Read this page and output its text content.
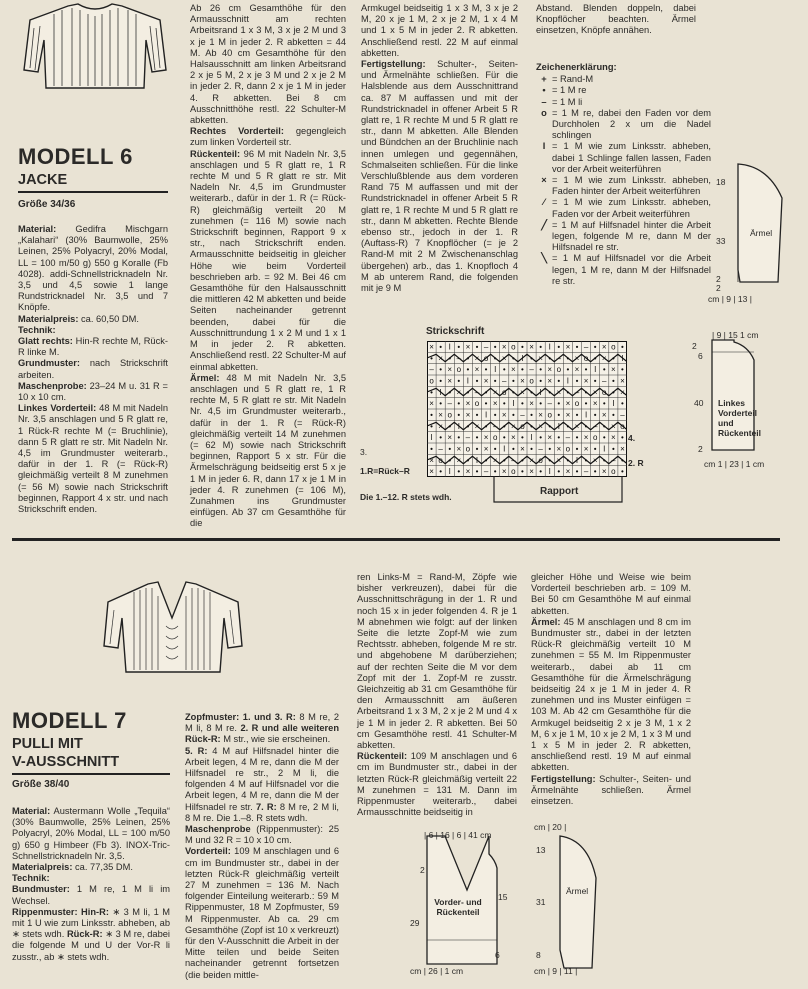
MODELL 6
JACKE
Größe 34/36

Material: Gedifra Mischgarn „Kalahari“ (30% Baumwolle, 25% Leinen, 25% Polyacryl, 20% Modal, LL = 100 m/50 g) 550 g Koralle (Fb 4028). addi-Schnellstricknadeln Nr. 3,5 und 4,5 sowie 1 lange Rundstricknadel Nr. 3,5 und 7 Knöpfe.

Materialpreis: ca. 60,50 DM.

Technik:

Glatt rechts: Hin-R rechte M, Rück-R linke M.

Grundmuster: nach Strickschrift arbeiten.

Maschenprobe: 23–24 M u. 31 R = 10 x 10 cm.

Linkes Vorderteil: 48 M mit Nadeln Nr. 3,5 anschlagen und 5 R glatt re, 1 Rück-R rechte M (= Bruchlinie), dann 5 R glatt re str. Mit Nadeln Nr. 4,5 im Grundmuster weiterarb., dafür in der 1. R (= Rück-R) gleichmäßig verteilt 8 M zunehmen (= 56 M) sowie nach Strickschrift beginnen, Rapport 4 x str. und nach Strickschrift enden.

Ab 26 cm Gesamthöhe für den Armausschnitt am rechten Arbeitsrand 1 x 3 M, 3 x je 2 M und 3 x je 1 M in jeder 2. R abketten = 44 M. Ab 40 cm Gesamthöhe für den Halsausschnitt am linken Arbeitsrand 2 x je 5 M, 2 x je 3 M und 2 x je 2 M in jeder 2. R, dann 2 x je 1 M in jeder 4. R abketten. Bei 8 cm Ausschnitthöhe restl. 22 Schulter-M abketten.

Rechtes Vorderteil: gegengleich zum linken Vorderteil str.

Rückenteil: 96 M mit Nadeln Nr. 3,5 anschlagen und 5 R glatt re, 1 R rechte M und 5 R glatt re str. Mit Nadeln Nr. 4,5 im Grundmuster weiterarb., dafür in der 1. R (= Rück-R) gleichmäßig verteilt 20 M zunehmen (= 116 M) sowie nach Strickschrift beginnen, Rapport 9 x str., nach Strickschrift enden. Armausschnitte beidseitig in gleicher Höhe wie beim Vorderteil beschrieben arb. = 92 M. Bei 46 cm Gesamthöhe für den Halsausschnitt die mittleren 42 M abketten und beide Seiten nacheinander getrennt beenden, dabei für die Ausschnittrundung 1 x 2 M und 1 x 1 M in jeder 2. R abketten. Anschließend restl. 22 Schulter-M auf einmal abketten.

Ärmel: 48 M mit Nadeln Nr. 3,5 anschlagen und 5 R glatt re, 1 R rechte M, 5 R glatt re str. Mit Nadeln Nr. 4,5 im Grundmuster weiterarb., dafür in der 1. R (= Rück-R) gleichmäßig verteilt 14 M zunehmen (= 62 M) sowie nach Strickschrift beginnen, Rapport 5 x str. Für die Ärmelschrägung beidseitig erst 5 x je 1 M in jeder 6. R, dann 17 x je 1 M in jeder 4. R zunehmen (= 106 M), Zunahmen ins Grundmuster einfügen. Ab 37 cm Gesamthöhe für die

Armkugel beidseitig 1 x 3 M, 3 x je 2 M, 20 x je 1 M, 2 x je 2 M, 1 x 4 M und 1 x 5 M in jeder 2. R abketten. Anschließend restl. 22 M auf einmal abketten.

Fertigstellung: Schulter-, Seiten- und Ärmelnähte schließen. Für die Halsblende aus dem Ausschnittrand ca. 87 M auffassen und mit der Rundstricknadel in offener Arbeit 5 R glatt re, 1 R rechte M und 5 R glatt re str., dann M abketten. Alle Blenden und Bündchen an der Bruchlinie nach innen umlegen und gegennähen, Schmalseiten schließen. Für die linke Verschlußblende aus dem vorderen Rand 75 M auffassen und mit der Rundstricknadel in offener Arbeit 5 R glatt re, 1 R rechte M und 5 R glatt re str., dann M abketten. Rechte Blende ebenso str., jedoch in der 1. R (Auftass-R) 7 Knopflöcher (= je 2 Rand-M mit 2 M Zwischenanschlag übergehen) arb., das 1. Knopfloch 4 M ab unterem Rand, die folgenden mit je 9 M

Abstand. Blenden doppeln, dabei Knopflöcher beachten. Ärmel einsetzen, Knöpfe annähen.

Zeichenerklärung:
+ = Rand-M
• = 1 M re
– = 1 M li
o = 1 M re, dabei den Faden vor dem Durchholen 2 x um die Nadel schlingen
I = 1 M wie zum Linksstr. abheben, dabei 1 Schlinge fallen lassen, Faden vor der Arbeit weiterführen
× = 1 M wie zum Linksstr. abheben, Faden hinter der Arbeit weiterführen
⁄ = 1 M wie zum Linksstr. abheben, Faden vor der Arbeit weiterführen
╱ = 1 M auf Hilfsnadel hinter die Arbeit legen, folgende M re, dann M der Hilfsnadel re str.
╲ = 1 M auf Hilfsnadel vor die Arbeit legen, 1 M re, dann M der Hilfsnadel re str.
Ärmel
18
33
2
2
cm | 9 | 13 |
| 9 | 15 1 cm
Linkes Vorderteil und Rückenteil
2
6
40
2
cm 1 | 23 | 1 cm
Strickschrift
× • I • × • – • × o • × • I • × • – • × o •
• × • – • × o • × • I • × • – • × o • × • I
– • × o • × • I • × • – • × o • × • I • × •
o • × • I • × • – • × o • × • I • × • – • ×
• I • × • – • × o • × • I • × • – • × o • ×
× • – • × o • × • I • × • – • × o • × • I •
• × o • × • I • × • – • × o • × • I • × • –
• × • I • × • – • × o • × • I • × • – • × o
I • × • – • × o • × • I • × • – • × o • × •
• – • × o • × • I • × • – • × o • × • I • ×
× o • × • I • × • – • × o • × • I • × • – •
× • I • × • – • × o • × • I • × • – • × o •
3.
1.R=Rück–R
4.
2. R
Rapport
Die 1.–12. R stets wdh.
MODELL 7
PULLI MIT
V-AUSSCHNITT
Größe 38/40

Material: Austermann Wolle „Tequila“ (30% Baumwolle, 25% Leinen, 25% Polyacryl, 20% Modal, LL = 100 m/50 g) 650 g Himbeer (Fb 3). INOX-Tric-Schnellstricknadeln Nr. 3,5.

Materialpreis: ca. 77,35 DM.

Technik:

Bundmuster: 1 M re, 1 M li im Wechsel.

Rippenmuster: Hin-R: ∗ 3 M li, 1 M mit 1 U wie zum Linksstr. abheben, ab ∗ stets wdh. Rück-R: ∗ 3 M re, dabei die folgende M und U der Vor-R li zusstr., ab ∗ stets wdh.

Zopfmuster: 1. und 3. R: 8 M re, 2 M li, 8 M re. 2. R und alle weiteren Rück-R: M str., wie sie erscheinen.

5. R: 4 M auf Hilfsnadel hinter die Arbeit legen, 4 M re, dann die M der Hilfsnadel re str., 2 M li, die folgenden 4 M auf Hilfsnadel vor die Arbeit legen, 4 M re, dann die M der Hilfsnadel re str. 7. R: 8 M re, 2 M li, 8 M re. Die 1.–8. R stets wdh.

Maschenprobe (Rippenmuster): 25 M und 32 R = 10 x 10 cm.

Vorderteil: 109 M anschlagen und 6 cm im Bundmuster str., dabei in der letzten Rück-R gleichmäßig verteilt 27 M zunehmen = 136 M. Nach folgender Einteilung weiterarb.: 59 M Rippenmuster, 18 M Zopfmuster, 59 M Rippenmuster. Ab ca. 29 cm Gesamthöhe (Zopf ist 10 x verkreuzt) für den V-Ausschnitt die Arbeit in der Mitte teilen und beide Seiten nacheinander getrennt fortsetzen (die beiden mittle-

ren Links-M = Rand-M, Zöpfe wie bisher verkreuzen), dabei für die Ausschnittschrägung in der 1. R und noch 15 x in jeder folgenden 4. R je 1 M abnehmen wie folgt: auf der linken Seite die letzte Zopf-M wie zum Rechtsstr. abheben, folgende M re str. und abgehobene M darüberziehen; auf der rechten Seite die M vor dem Zopf mit der 1. Zopf-M re zusstr. Gleichzeitig ab 31 cm Gesamthöhe für den Armausschnitt am äußeren Arbeitsrand 1 x 3 M, 2 x je 2 M und 4 x je 1 M in jeder 2. R abketten. Bei 50 cm Gesamthöhe restl. 41 Schulter-M abketten.

Rückenteil: 109 M anschlagen und 6 cm im Bundmuster str., dabei in der letzten Rück-R gleichmäßig verteilt 22 M zunehmen = 131 M. Dann im Rippenmuster weiterarb., dabei Armausschnitte beidseitig in

gleicher Höhe und Weise wie beim Vorderteil beschrieben arb. = 109 M. Bei 50 cm Gesamthöhe M auf einmal abketten.

Ärmel: 45 M anschlagen und 8 cm im Bundmuster str., dabei in der letzten Rück-R gleichmäßig verteilt 10 M zunehmen = 55 M. Im Rippenmuster weiterarb., dabei ab 11 cm Gesamthöhe für die Ärmelschrägung beidseitig 24 x je 1 M in jeder 4. R zunehmen und ins Muster einfügen = 103 M. Ab 42 cm Gesamthöhe für die Armkugel beidseitig 2 x je 3 M, 1 x 2 M, 6 x je 1 M, 10 x je 2 M, 1 x 3 M und 1 x 5 M in jeder 2. R abketten, anschließend restl. 19 M auf einmal abketten.

Fertigstellung: Schulter-, Seiten- und Ärmelnähte schließen. Ärmel einsetzen.

| 6 | 16 | 6 | 41 cm
Vorder- und Rückenteil
2
29
15
6
cm | 26 | 1 cm
cm | 20 |
Ärmel
13
31
8
cm | 9 | 11 |
